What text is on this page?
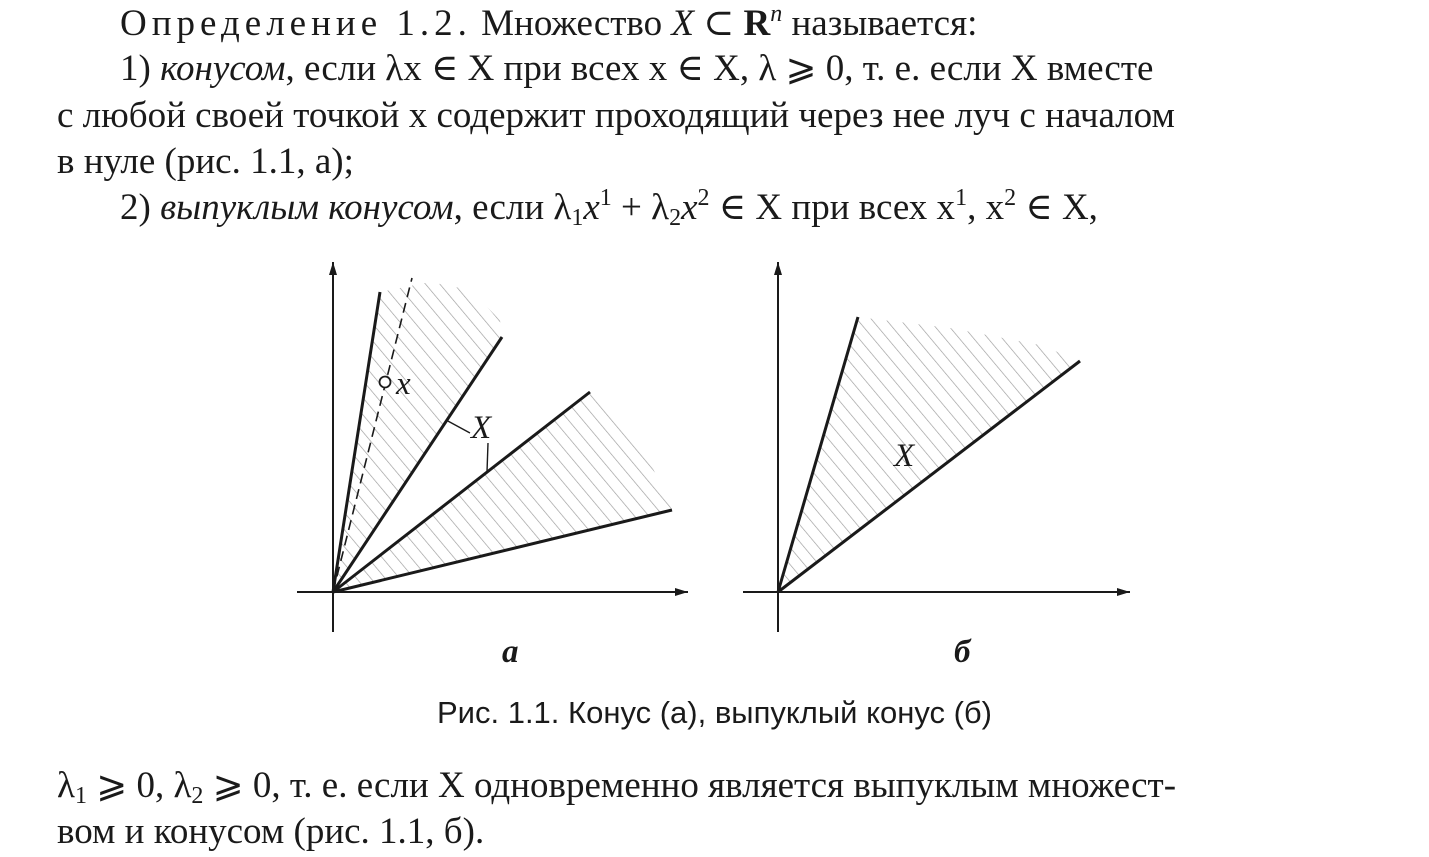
Определение 1.2. Множество X ⊂ $R^n$ называется:
1) конусом, если λx ∈ X при всех x ∈ X, λ ⩾ 0, т. е. если X вместе
с любой своей точкой x содержит проходящий через нее луч с началом
в нуле (рис. 1.1, а);
2) выпуклым конусом, если $\lambda_1x^1 + \lambda_2x^2$ ∈ X при всех $x^1$, $x^2$ ∈ X,
x
X
X
а	б
Рис. 1.1. Конус (а), выпуклый конус (б)
$\lambda_1$ ⩾ 0, $\lambda_2$ ⩾ 0, т. е. если X одновременно является выпуклым множест-
вом и конусом (рис. 1.1, б).
